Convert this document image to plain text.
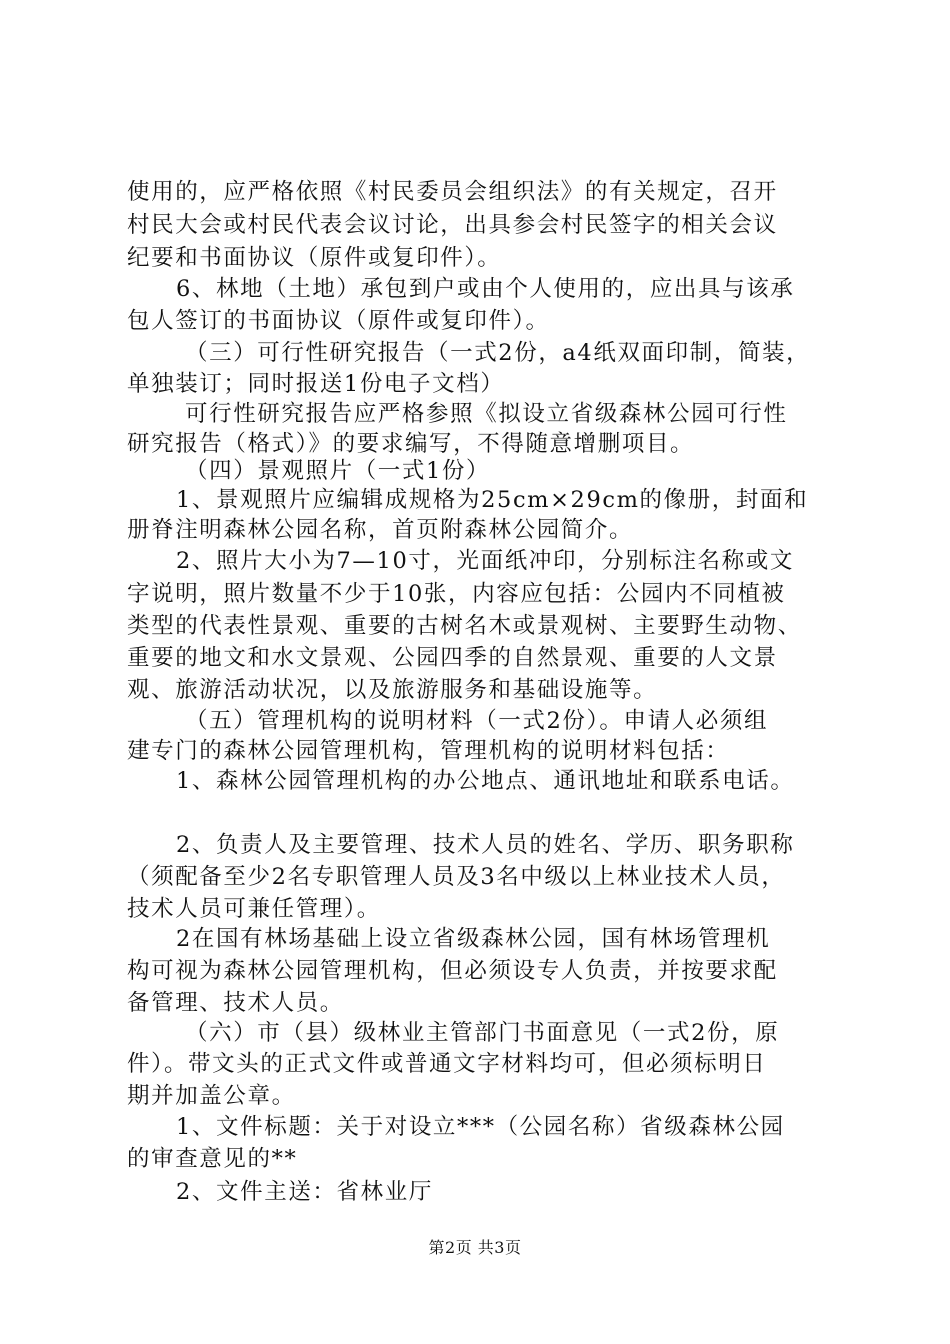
使用的，应严格依照《村民委员会组织法》的有关规定，召开
村民大会或村民代表会议讨论，出具参会村民签字的相关会议
纪要和书面协议（原件或复印件）。
6、林地（土地）承包到户或由个人使用的，应出具与该承
包人签订的书面协议（原件或复印件）。
（三）可行性研究报告（一式2份，a4纸双面印制，简装，
单独装订；同时报送1份电子文档）
可行性研究报告应严格参照《拟设立省级森林公园可行性
研究报告（格式）》的要求编写，不得随意增删项目。
（四）景观照片（一式1份）
1、景观照片应编辑成规格为25cm×29cm的像册，封面和
册脊注明森林公园名称，首页附森林公园简介。
2、照片大小为7—10寸，光面纸冲印，分别标注名称或文
字说明，照片数量不少于10张，内容应包括：公园内不同植被
类型的代表性景观、重要的古树名木或景观树、主要野生动物、
重要的地文和水文景观、公园四季的自然景观、重要的人文景
观、旅游活动状况，以及旅游服务和基础设施等。
（五）管理机构的说明材料（一式2份）。申请人必须组
建专门的森林公园管理机构，管理机构的说明材料包括：
1、森林公园管理机构的办公地点、通讯地址和联系电话。
2、负责人及主要管理、技术人员的姓名、学历、职务职称
（须配备至少2名专职管理人员及3名中级以上林业技术人员，
技术人员可兼任管理）。
2在国有林场基础上设立省级森林公园，国有林场管理机
构可视为森林公园管理机构，但必须设专人负责，并按要求配
备管理、技术人员。
（六）市（县）级林业主管部门书面意见（一式2份，原
件）。带文头的正式文件或普通文字材料均可，但必须标明日
期并加盖公章。
1、文件标题：关于对设立***（公园名称）省级森林公园
的审查意见的**
2、文件主送：省林业厅
第2页 共3页
